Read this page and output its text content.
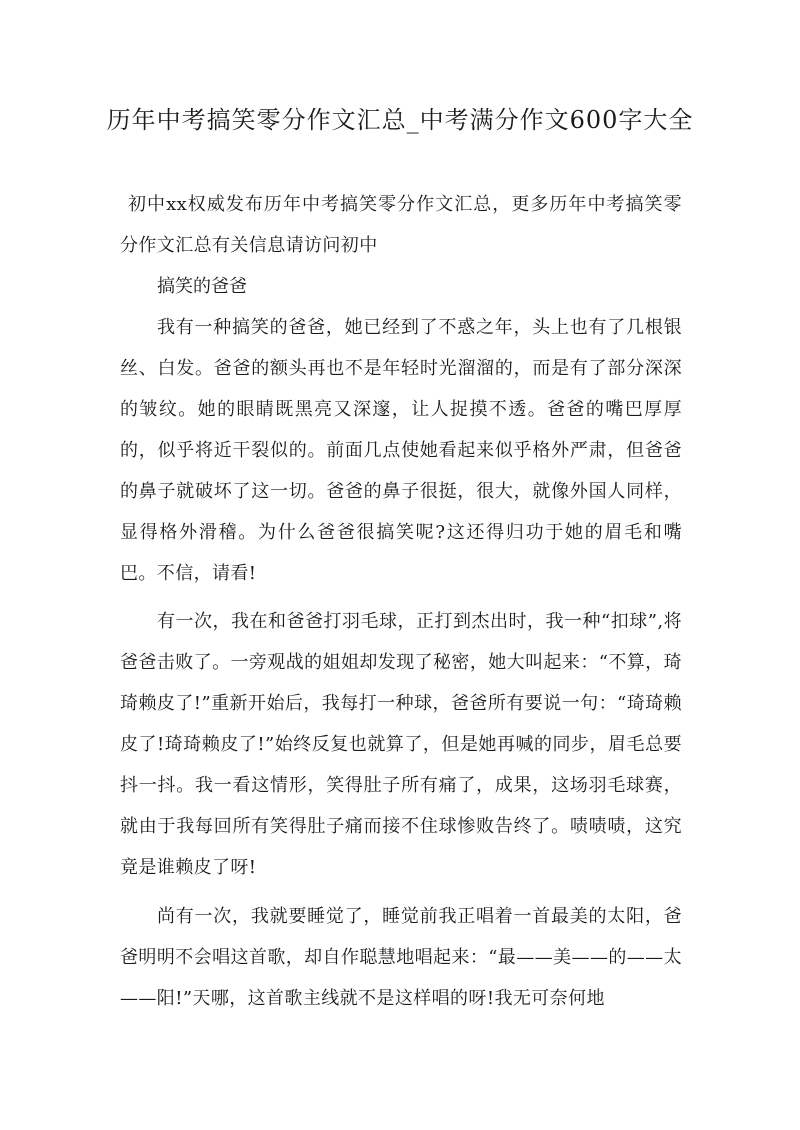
历年中考搞笑零分作文汇总_中考满分作文600字大全

初中xx权威发布历年中考搞笑零分作文汇总，更多历年中考搞笑零分作文汇总有关信息请访问初中

搞笑的爸爸

我有一种搞笑的爸爸，她已经到了不惑之年，头上也有了几根银丝、白发。爸爸的额头再也不是年轻时光溜溜的，而是有了部分深深的皱纹。她的眼睛既黑亮又深邃，让人捉摸不透。爸爸的嘴巴厚厚的，似乎将近干裂似的。前面几点使她看起来似乎格外严肃，但爸爸的鼻子就破坏了这一切。爸爸的鼻子很挺，很大，就像外国人同样，显得格外滑稽。为什么爸爸很搞笑呢?这还得归功于她的眉毛和嘴巴。不信，请看!

有一次，我在和爸爸打羽毛球，正打到杰出时，我一种“扣球”,将爸爸击败了。一旁观战的姐姐却发现了秘密，她大叫起来：“不算，琦琦赖皮了!”重新开始后，我每打一种球，爸爸所有要说一句：“琦琦赖皮了!琦琦赖皮了!”始终反复也就算了，但是她再喊的同步，眉毛总要抖一抖。我一看这情形，笑得肚子所有痛了，成果，这场羽毛球赛，就由于我每回所有笑得肚子痛而接不住球惨败告终了。啧啧啧，这究竟是谁赖皮了呀!

尚有一次，我就要睡觉了，睡觉前我正唱着一首最美的太阳，爸爸明明不会唱这首歌，却自作聪慧地唱起来：“最——美——的——太——阳!”天哪，这首歌主线就不是这样唱的呀!我无可奈何地
